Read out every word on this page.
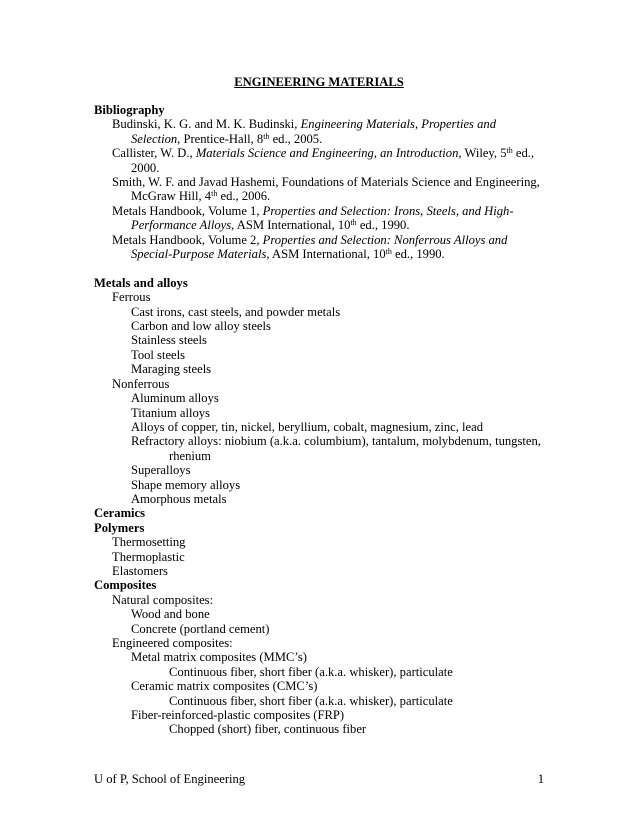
ENGINEERING MATERIALS
Bibliography
Budinski, K. G. and M. K. Budinski, Engineering Materials, Properties and
Selection, Prentice-Hall, 8th ed., 2005.
Callister, W. D., Materials Science and Engineering, an Introduction, Wiley, 5th ed.,
2000.
Smith, W. F. and Javad Hashemi, Foundations of Materials Science and Engineering,
McGraw Hill, 4th ed., 2006.
Metals Handbook, Volume 1, Properties and Selection: Irons, Steels, and High-
Performance Alloys, ASM International, 10th ed., 1990.
Metals Handbook, Volume 2, Properties and Selection: Nonferrous Alloys and
Special-Purpose Materials, ASM International, 10th ed., 1990.
Metals and alloys
Ferrous
Cast irons, cast steels, and powder metals
Carbon and low alloy steels
Stainless steels
Tool steels
Maraging steels
Nonferrous
Aluminum alloys
Titanium alloys
Alloys of copper, tin, nickel, beryllium, cobalt, magnesium, zinc, lead
Refractory alloys: niobium (a.k.a. columbium), tantalum, molybdenum, tungsten,
rhenium
Superalloys
Shape memory alloys
Amorphous metals
Ceramics
Polymers
Thermosetting
Thermoplastic
Elastomers
Composites
Natural composites:
Wood and bone
Concrete (portland cement)
Engineered composites:
Metal matrix composites (MMC’s)
Continuous fiber, short fiber (a.k.a. whisker), particulate
Ceramic matrix composites (CMC’s)
Continuous fiber, short fiber (a.k.a. whisker), particulate
Fiber-reinforced-plastic composites (FRP)
Chopped (short) fiber, continuous fiber
U of P, School of Engineering	1
